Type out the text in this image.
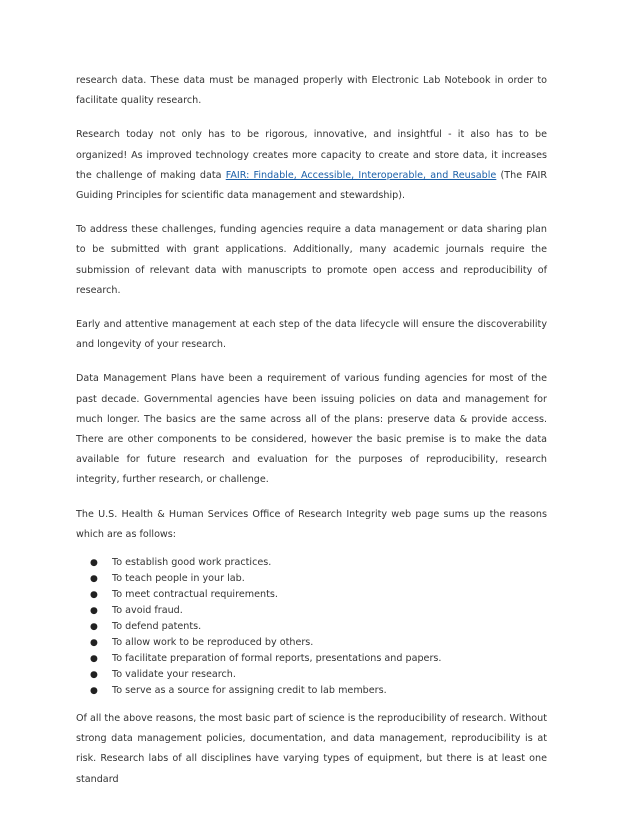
research data. These data must be managed properly with Electronic Lab Notebook in order to facilitate quality research.

Research today not only has to be rigorous, innovative, and insightful - it also has to be organized! As improved technology creates more capacity to create and store data, it increases the challenge of making data FAIR: Findable, Accessible, Interoperable, and Reusable (The FAIR Guiding Principles for scientific data management and stewardship).

To address these challenges, funding agencies require a data management or data sharing plan to be submitted with grant applications. Additionally, many academic journals require the submission of relevant data with manuscripts to promote open access and reproducibility of research.

Early and attentive management at each step of the data lifecycle will ensure the discoverability and longevity of your research.

Data Management Plans have been a requirement of various funding agencies for most of the past decade. Governmental agencies have been issuing policies on data and management for much longer. The basics are the same across all of the plans: preserve data & provide access. There are other components to be considered, however the basic premise is to make the data available for future research and evaluation for the purposes of reproducibility, research integrity, further research, or challenge.

The U.S. Health & Human Services Office of Research Integrity web page sums up the reasons which are as follows:

● To establish good work practices.
● To teach people in your lab.
● To meet contractual requirements.
● To avoid fraud.
● To defend patents.
● To allow work to be reproduced by others.
● To facilitate preparation of formal reports, presentations and papers.
● To validate your research.
● To serve as a source for assigning credit to lab members.

Of all the above reasons, the most basic part of science is the reproducibility of research. Without strong data management policies, documentation, and data management, reproducibility is at risk. Research labs of all disciplines have varying types of equipment, but there is at least one standard
